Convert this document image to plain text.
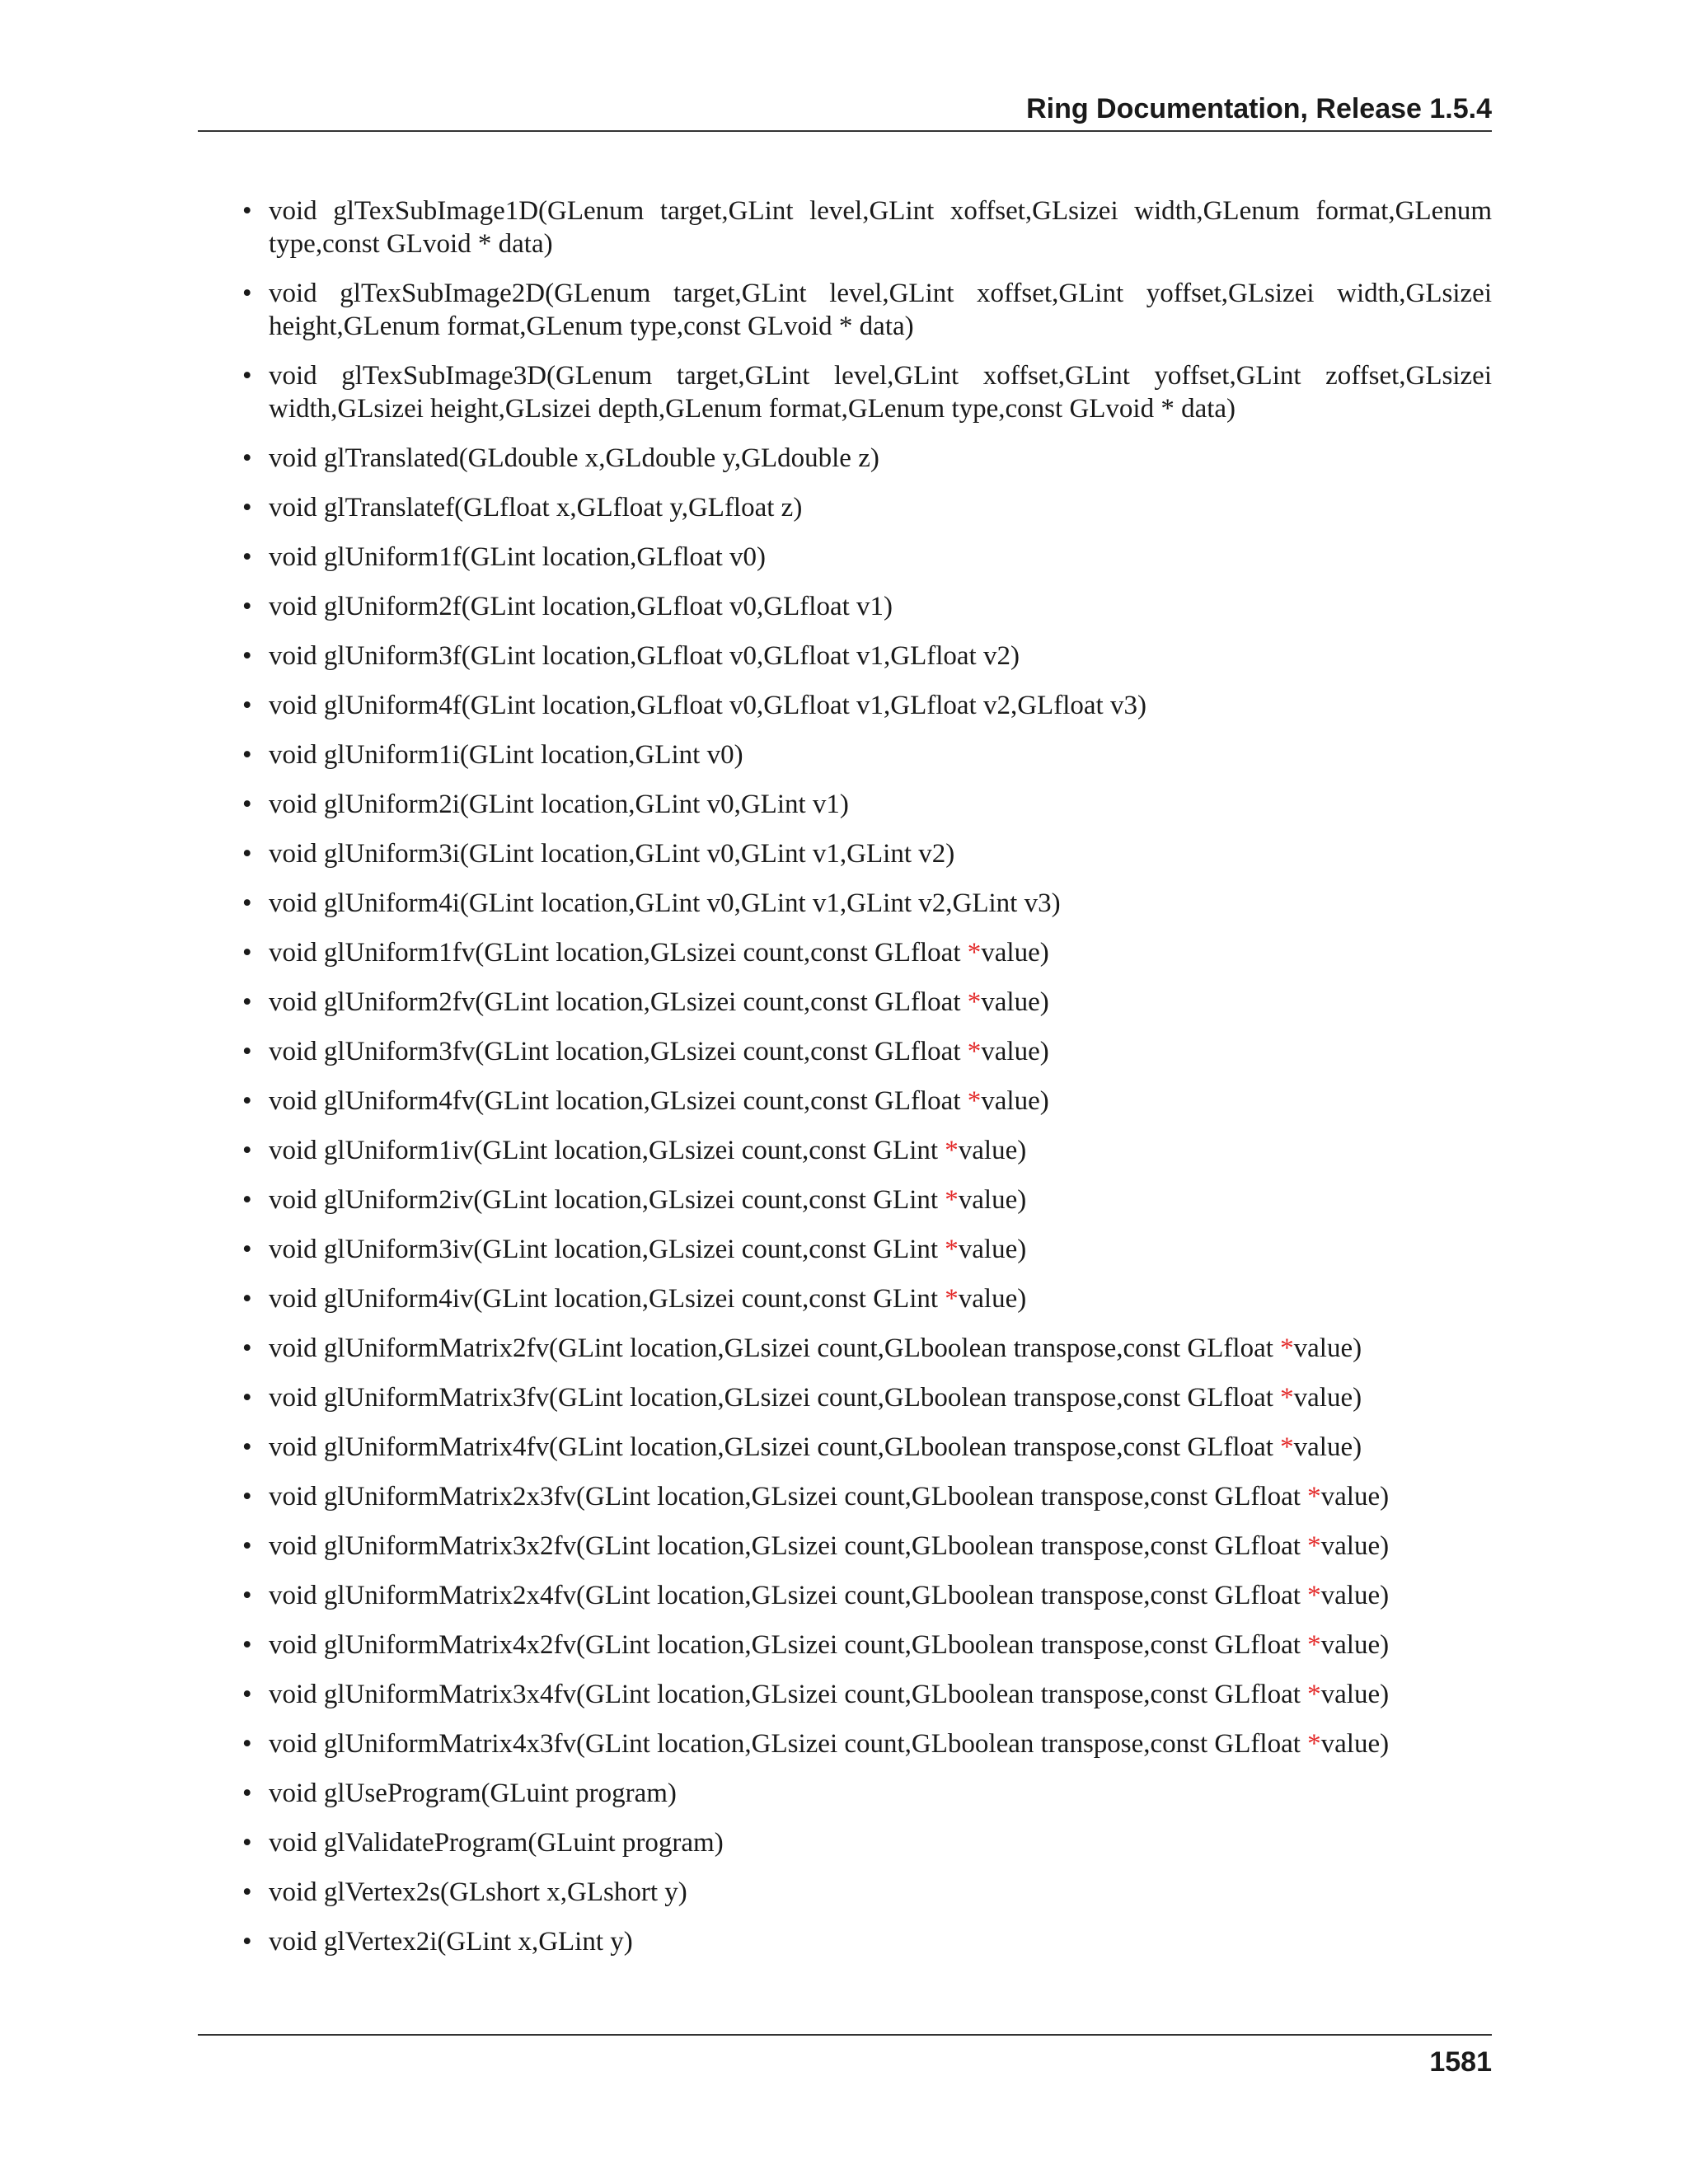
Ring Documentation, Release 1.5.4
• void glTexSubImage1D(GLenum target,GLint level,GLint xoffset,GLsizei width,GLenum format,GLenum type,const GLvoid * data)
• void glTexSubImage2D(GLenum target,GLint level,GLint xoffset,GLint yoffset,GLsizei width,GLsizei height,GLenum format,GLenum type,const GLvoid * data)
• void glTexSubImage3D(GLenum target,GLint level,GLint xoffset,GLint yoffset,GLint zoffset,GLsizei width,GLsizei height,GLsizei depth,GLenum format,GLenum type,const GLvoid * data)
• void glTranslated(GLdouble x,GLdouble y,GLdouble z)
• void glTranslatef(GLfloat x,GLfloat y,GLfloat z)
• void glUniform1f(GLint location,GLfloat v0)
• void glUniform2f(GLint location,GLfloat v0,GLfloat v1)
• void glUniform3f(GLint location,GLfloat v0,GLfloat v1,GLfloat v2)
• void glUniform4f(GLint location,GLfloat v0,GLfloat v1,GLfloat v2,GLfloat v3)
• void glUniform1i(GLint location,GLint v0)
• void glUniform2i(GLint location,GLint v0,GLint v1)
• void glUniform3i(GLint location,GLint v0,GLint v1,GLint v2)
• void glUniform4i(GLint location,GLint v0,GLint v1,GLint v2,GLint v3)
• void glUniform1fv(GLint location,GLsizei count,const GLfloat *value)
• void glUniform2fv(GLint location,GLsizei count,const GLfloat *value)
• void glUniform3fv(GLint location,GLsizei count,const GLfloat *value)
• void glUniform4fv(GLint location,GLsizei count,const GLfloat *value)
• void glUniform1iv(GLint location,GLsizei count,const GLint *value)
• void glUniform2iv(GLint location,GLsizei count,const GLint *value)
• void glUniform3iv(GLint location,GLsizei count,const GLint *value)
• void glUniform4iv(GLint location,GLsizei count,const GLint *value)
• void glUniformMatrix2fv(GLint location,GLsizei count,GLboolean transpose,const GLfloat *value)
• void glUniformMatrix3fv(GLint location,GLsizei count,GLboolean transpose,const GLfloat *value)
• void glUniformMatrix4fv(GLint location,GLsizei count,GLboolean transpose,const GLfloat *value)
• void glUniformMatrix2x3fv(GLint location,GLsizei count,GLboolean transpose,const GLfloat *value)
• void glUniformMatrix3x2fv(GLint location,GLsizei count,GLboolean transpose,const GLfloat *value)
• void glUniformMatrix2x4fv(GLint location,GLsizei count,GLboolean transpose,const GLfloat *value)
• void glUniformMatrix4x2fv(GLint location,GLsizei count,GLboolean transpose,const GLfloat *value)
• void glUniformMatrix3x4fv(GLint location,GLsizei count,GLboolean transpose,const GLfloat *value)
• void glUniformMatrix4x3fv(GLint location,GLsizei count,GLboolean transpose,const GLfloat *value)
• void glUseProgram(GLuint program)
• void glValidateProgram(GLuint program)
• void glVertex2s(GLshort x,GLshort y)
• void glVertex2i(GLint x,GLint y)
1581
